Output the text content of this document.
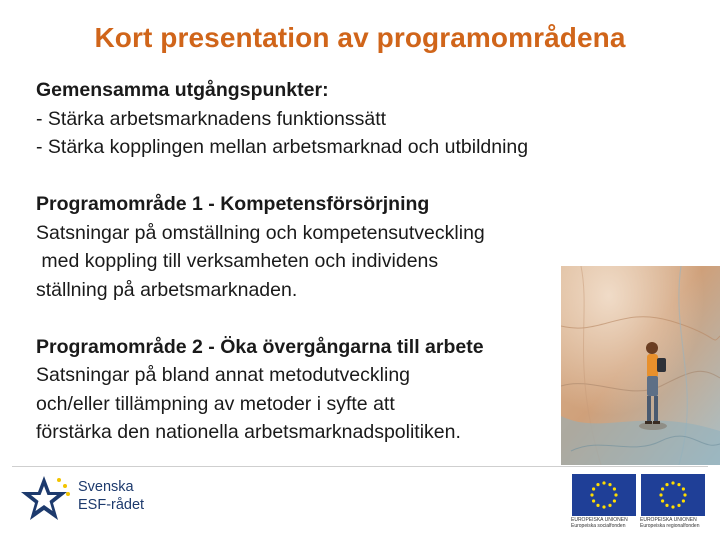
Kort presentation av programområdena
Gemensamma utgångspunkter:
- Stärka arbetsmarknadens funktionssätt
- Stärka kopplingen mellan arbetsmarknad och utbildning
Programområde 1 - Kompetensförsörjning
Satsningar på omställning och kompetensutveckling
med koppling till verksamheten och individens
ställning på arbetsmarknaden.
Programområde 2 - Öka övergångarna till arbete
Satsningar på bland annat metodutveckling
och/eller tillämpning av metoder i syfte att
förstärka den nationella arbetsmarknadspolitiken.
Svenska
ESF-rådet
EUROPEISKA UNIONEN
Europeiska socialfonden
EUROPEISKA UNIONEN
Europeiska regionalfonden
